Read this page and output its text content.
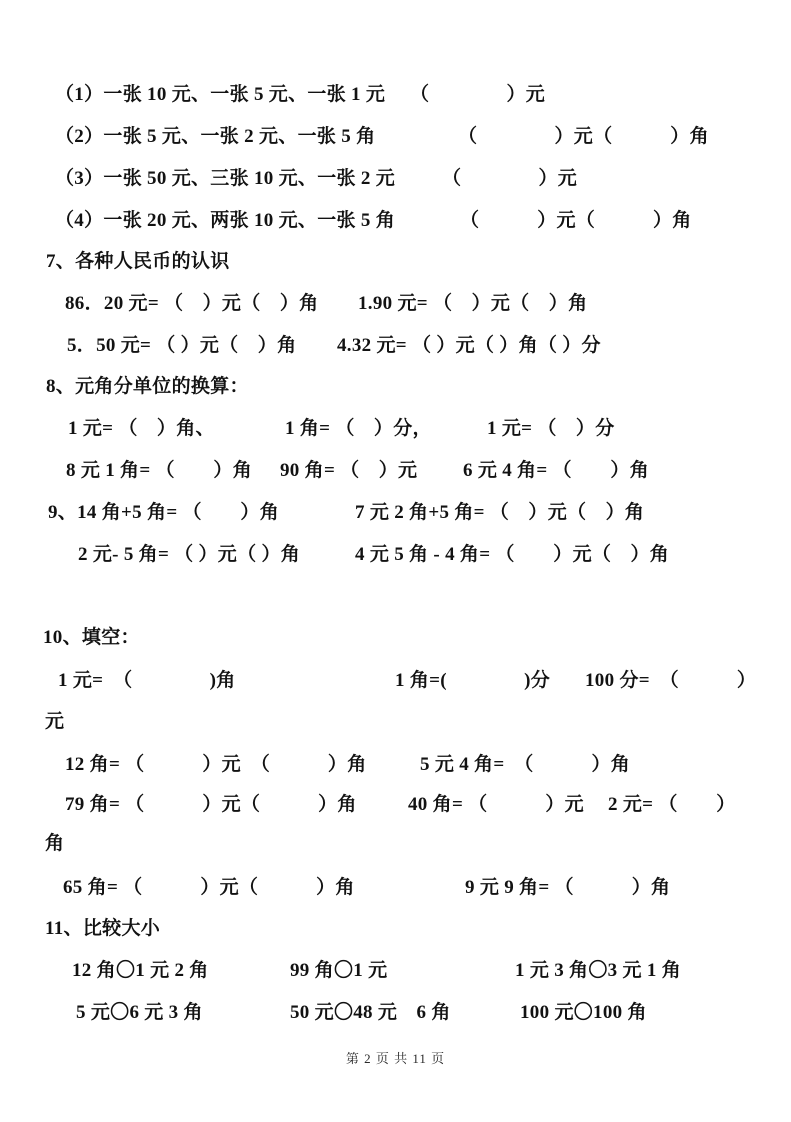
（1）一张 10 元、一张 5 元、一张 1 元 （　　　　）元
（2）一张 5 元、一张 2 元、一张 5 角	（　　　　）元（　　　）角
（3）一张 50 元、三张 10 元、一张 2 元 （　　　　）元
（4）一张 20 元、两张 10 元、一张 5 角	（　　　）元（　　　）角
7、各种人民币的认识
86．20 元= （　）元（　）角 1.90 元= （　）元（　）角
5．50 元= （ ）元（　）角 4.32 元= （ ）元（ ）角（ ）分
8、元角分单位的换算：
1 元= （　）角、	1 角= （　）分，	1 元= （　）分
8 元 1 角= （　　）角 90 角= （　）元 6 元 4 角= （　　）角
9、14 角+5 角= （　　）角	7 元 2 角+5 角= （　）元（　）角
2 元- 5 角= （ ）元（ ）角	4 元 5 角 - 4 角= （　　）元（　）角
10、填空：
1 元=　（　　　　)角	1 角=(　　　　)分 100 分=　（　　　）
元
12 角= （　　　）元　（　　　）角	5 元 4 角=　（　　　）角
79 角= （　　　）元（　　　）角	40 角= （　　　）元 2 元= （　　）
角
65 角= （　　　）元（　　　）角	9 元 9 角= （　　　）角
11、比较大小
12 角〇1 元 2 角	99 角〇1 元	1 元 3 角〇3 元 1 角
5 元〇6 元 3 角	50 元〇48 元　6 角	100 元〇100 角
第 2 页 共 11 页
